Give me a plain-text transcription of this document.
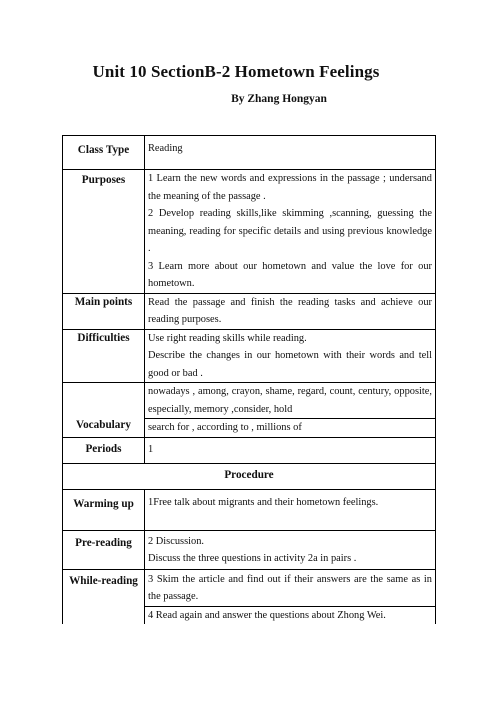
Unit 10 SectionB-2 Hometown Feelings
By Zhang Hongyan
Class Type	Reading
Purposes	1 Learn the new words and expressions in the passage ; undersand the meaning of the passage .

2 Develop reading skills,like skimming ,scanning, guessing the meaning, reading for specific details and using previous knowledge .

3 Learn more about our hometown and value the love for our hometown.

Main points	Read the passage and finish the reading tasks and achieve our reading purposes.
Difficulties	Use right reading skills while reading.

Describe the changes in our hometown with their words and tell good or bad .

Vocabulary	nowadays , among, crayon, shame, regard, count, century, opposite, especially, memory ,consider, hold
	search for , according to , millions of
Periods	1
Procedure	
Warming up	1Free talk about migrants and their hometown feelings.
Pre-reading	2 Discussion.

Discuss the three questions in activity 2a in pairs .

While-reading	3 Skim the article and find out if their answers are the same as in the passage.
	4 Read again and answer the questions about Zhong Wei.
